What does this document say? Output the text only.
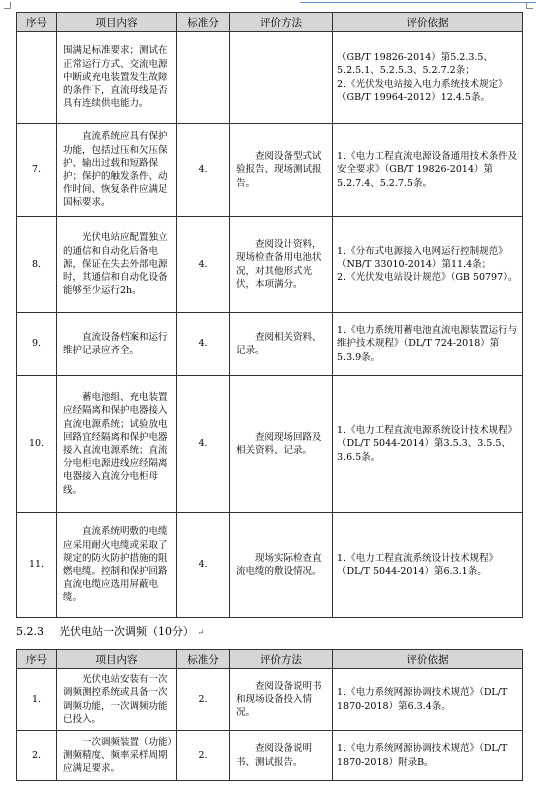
序号	项目内容	标准分	评价方法	评价依据
	围满足标准要求；测试在正常运行方式、交流电源中断或充电装置发生故障的条件下，直流母线是否具有连续供电能力。			（GB/T 19826-2014）第5.2.3.5、5.2.5.1、5.2.5.3、5.2.7.2条；
2.《光伏发电站接入电力系统技术规定》（GB/T 19964-2012）12.4.5条。
7.	直流系统应具有保护功能，包括过压和欠压保护、输出过载和短路保护；保护的触发条件、动作时间、恢复条件应满足国标要求。	4.	查阅设备型式试验报告、现场测试报告。	1.《电力工程直流电源设备通用技术条件及安全要求》（GB/T 19826-2014）第5.2.7.4、5.2.7.5条。
8.	光伏电站应配置独立的通信和自动化后备电源，保证在失去外部电源时，其通信和自动化设备能够至少运行2h。	4.	查阅设计资料，现场检查备用电池状况，对其他形式光伏，本项满分。	1.《分布式电源接入电网运行控制规范》（NB/T 33010-2014）第11.4条；
2.《光伏发电站设计规范》（GB 50797）。
9.	直流设备档案和运行维护记录应齐全。	4.	查阅相关资料、记录。	1.《电力系统用蓄电池直流电源装置运行与维护技术规程》（DL/T 724-2018）第5.3.9条。
10.	蓄电池组、充电装置应经隔离和保护电器接入直流电源系统；试验放电回路宜经隔离和保护电器接入直流电源系统；直流分电柜电源进线应经隔离电器接入直流分电柜母线。	4.	查阅现场回路及相关资料、记录。	1.《电力工程直流电源系统设计技术规程》（DL/T 5044-2014）第3.5.3、3.5.5、3.6.5条。
11.	直流系统明敷的电缆应采用耐火电缆或采取了规定的防火防护措施的阻燃电缆。控制和保护回路直流电缆应选用屏蔽电缆。	4.	现场实际检查直流电缆的敷设情况。	1.《电力工程直流系统设计技术规程》（DL/T 5044-2014）第6.3.1条。
5.2.3 光伏电站一次调频（10分） ↵
序号	项目内容	标准分	评价方法	评价依据
1.	光伏电站安装有一次调频测控系统或具备一次调频功能，一次调频功能已投入。	2.	查阅设备说明书和现场设备投入情况。	1.《电力系统网源协调技术规范》（DL/T 1870-2018）第6.3.4条。
2.	一次调频装置（功能）测频精度、频率采样周期应满足要求。	2.	查阅设备说明书、测试报告。	1.《电力系统网源协调技术规范》（DL/T 1870-2018）附录B。
